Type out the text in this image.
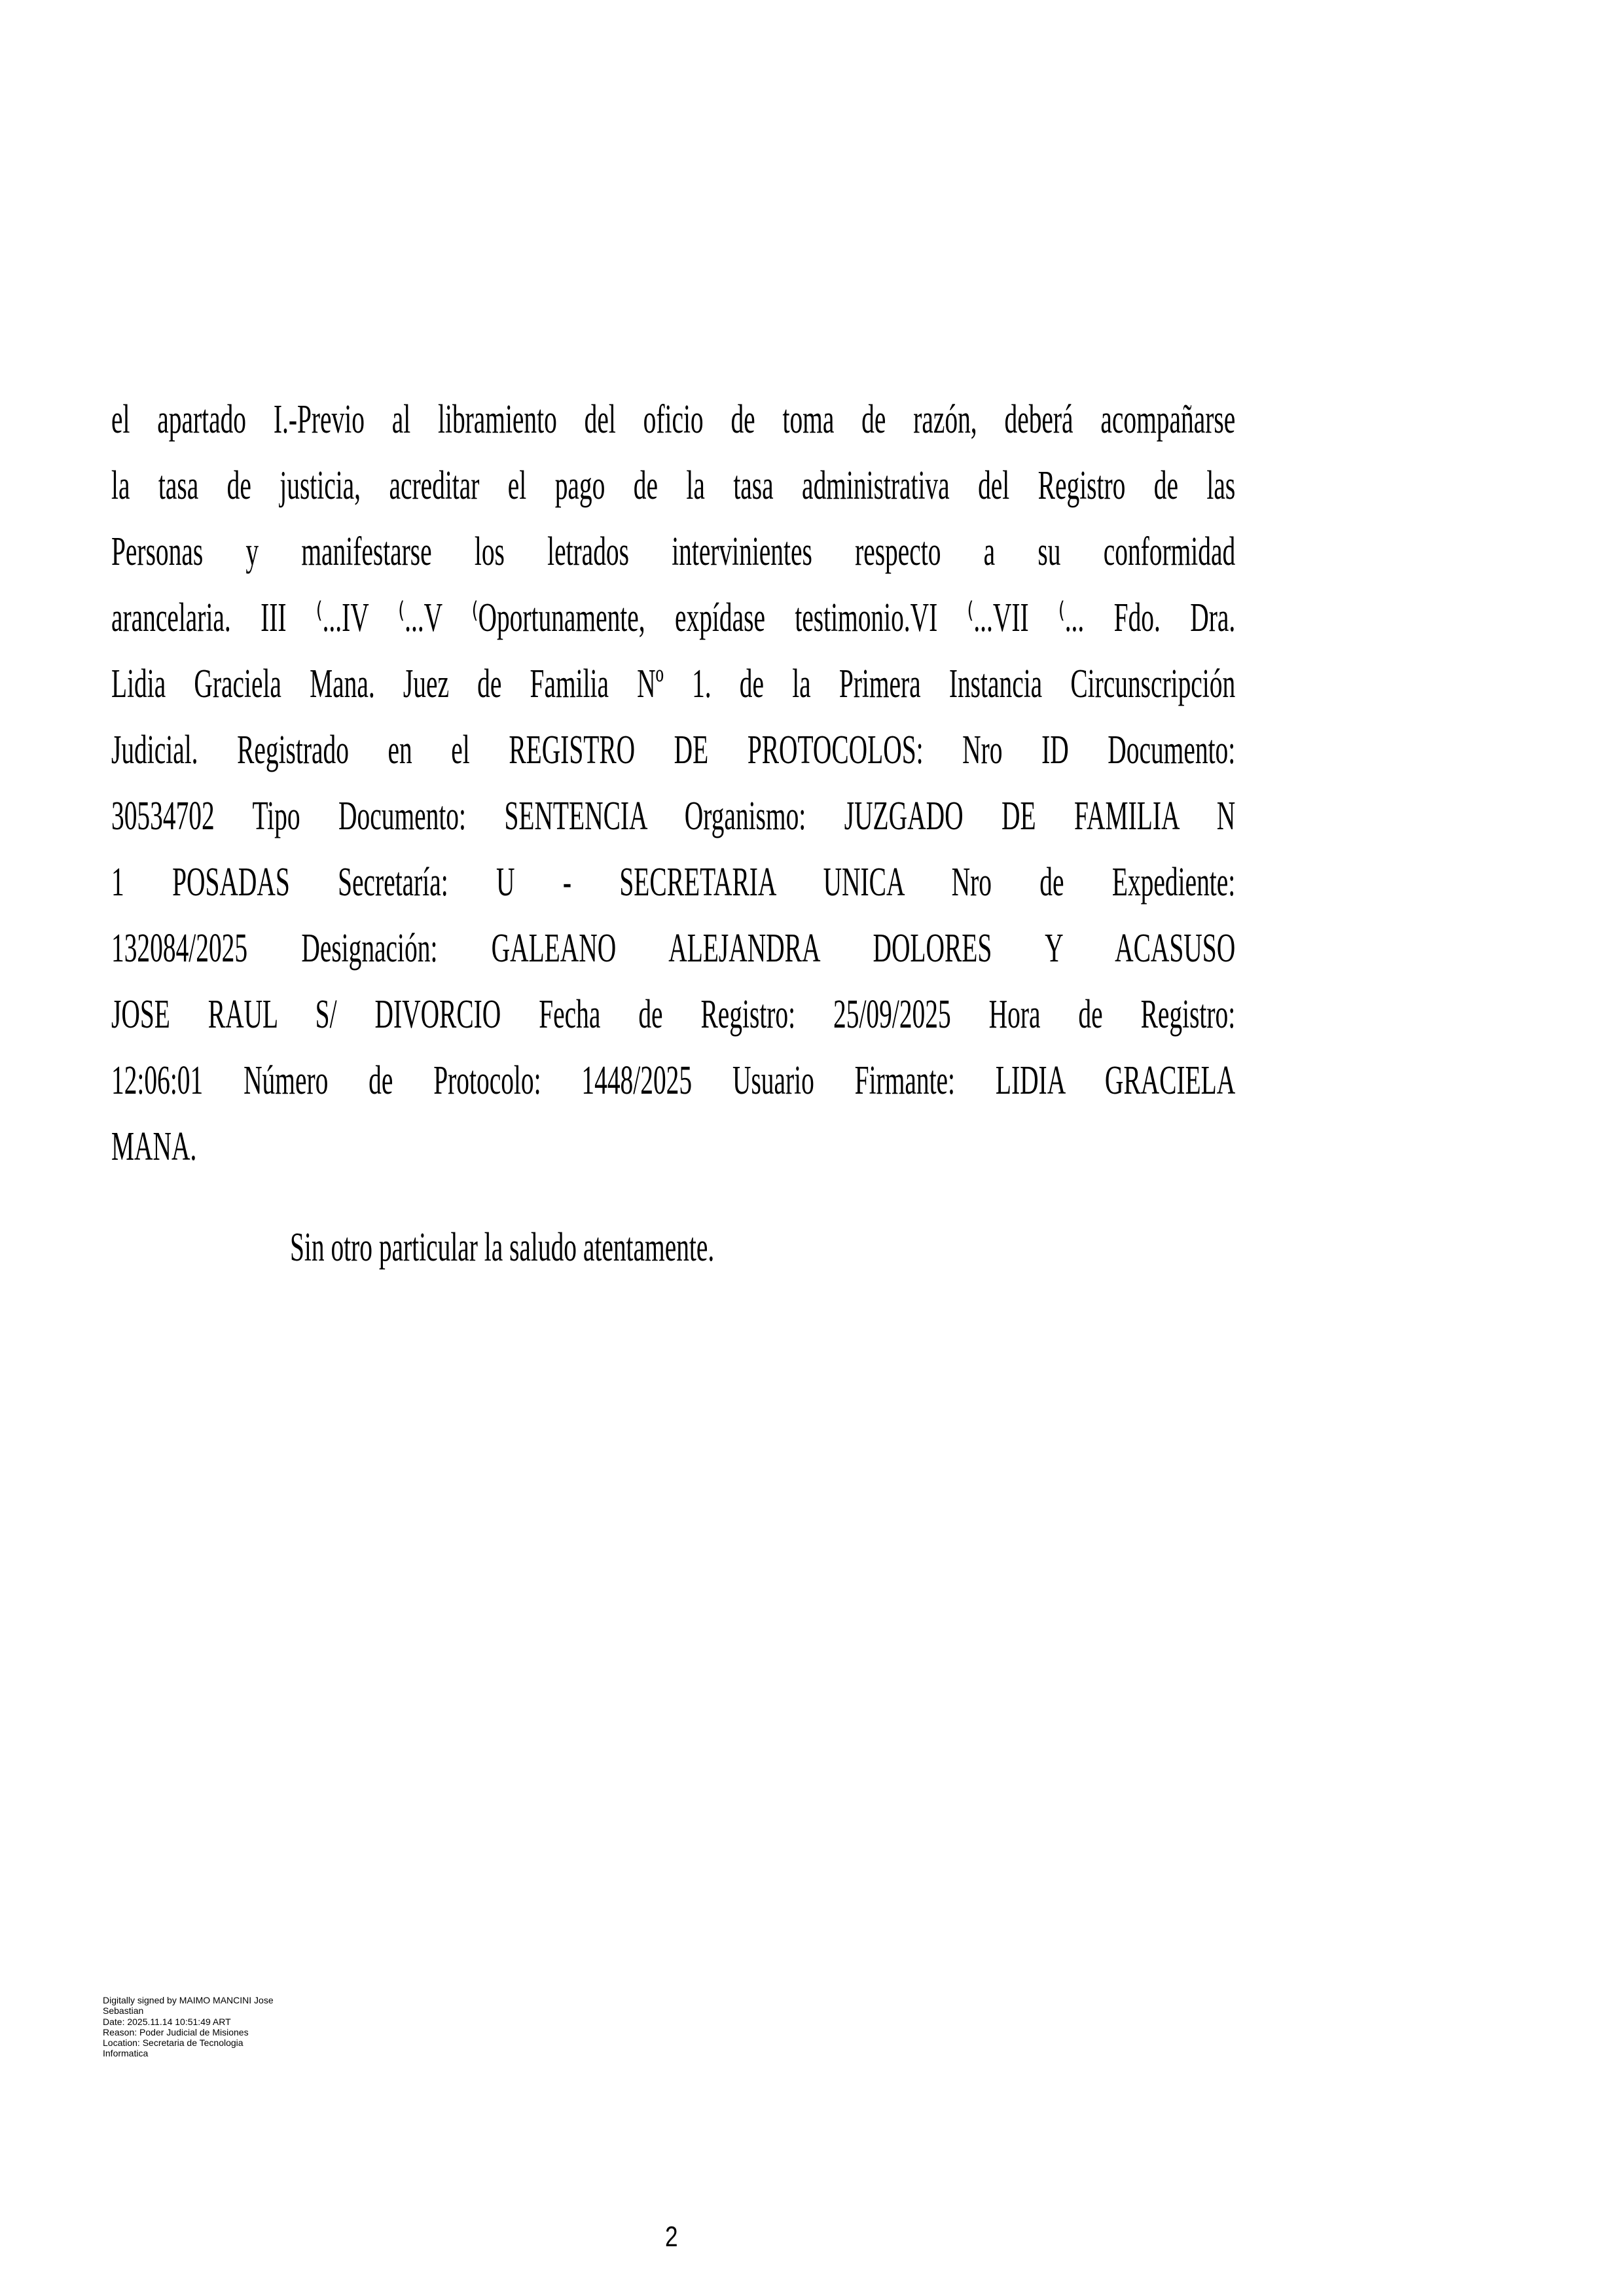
el apartado I.-Previo al libramiento del oficio de toma de razón, deberá acompañarse
la tasa de justicia, acreditar el pago de la tasa administrativa del Registro de las
Personas y manifestarse los letrados intervinientes respecto a su conformidad
arancelaria. III ⁽...IV ⁽...V ⁽Oportunamente, expídase testimonio.VI ⁽...VII ⁽... Fdo. Dra.
Lidia Graciela Mana. Juez de Familia Nº 1. de la Primera Instancia Circunscripción
Judicial. Registrado en el REGISTRO DE PROTOCOLOS: Nro ID Documento:
30534702 Tipo Documento: SENTENCIA Organismo: JUZGADO DE FAMILIA N
1 POSADAS Secretaría: U - SECRETARIA UNICA Nro de Expediente:
132084/2025 Designación: GALEANO ALEJANDRA DOLORES Y ACASUSO
JOSE RAUL S/ DIVORCIO Fecha de Registro: 25/09/2025 Hora de Registro:
12:06:01 Número de Protocolo: 1448/2025 Usuario Firmante: LIDIA GRACIELA
MANA.
Sin otro particular la saludo atentamente.
Digitally signed by MAIMO MANCINI Jose
Sebastian
Date: 2025.11.14 10:51:49 ART
Reason: Poder Judicial de Misiones
Location: Secretaria de Tecnologia
Informatica
2
